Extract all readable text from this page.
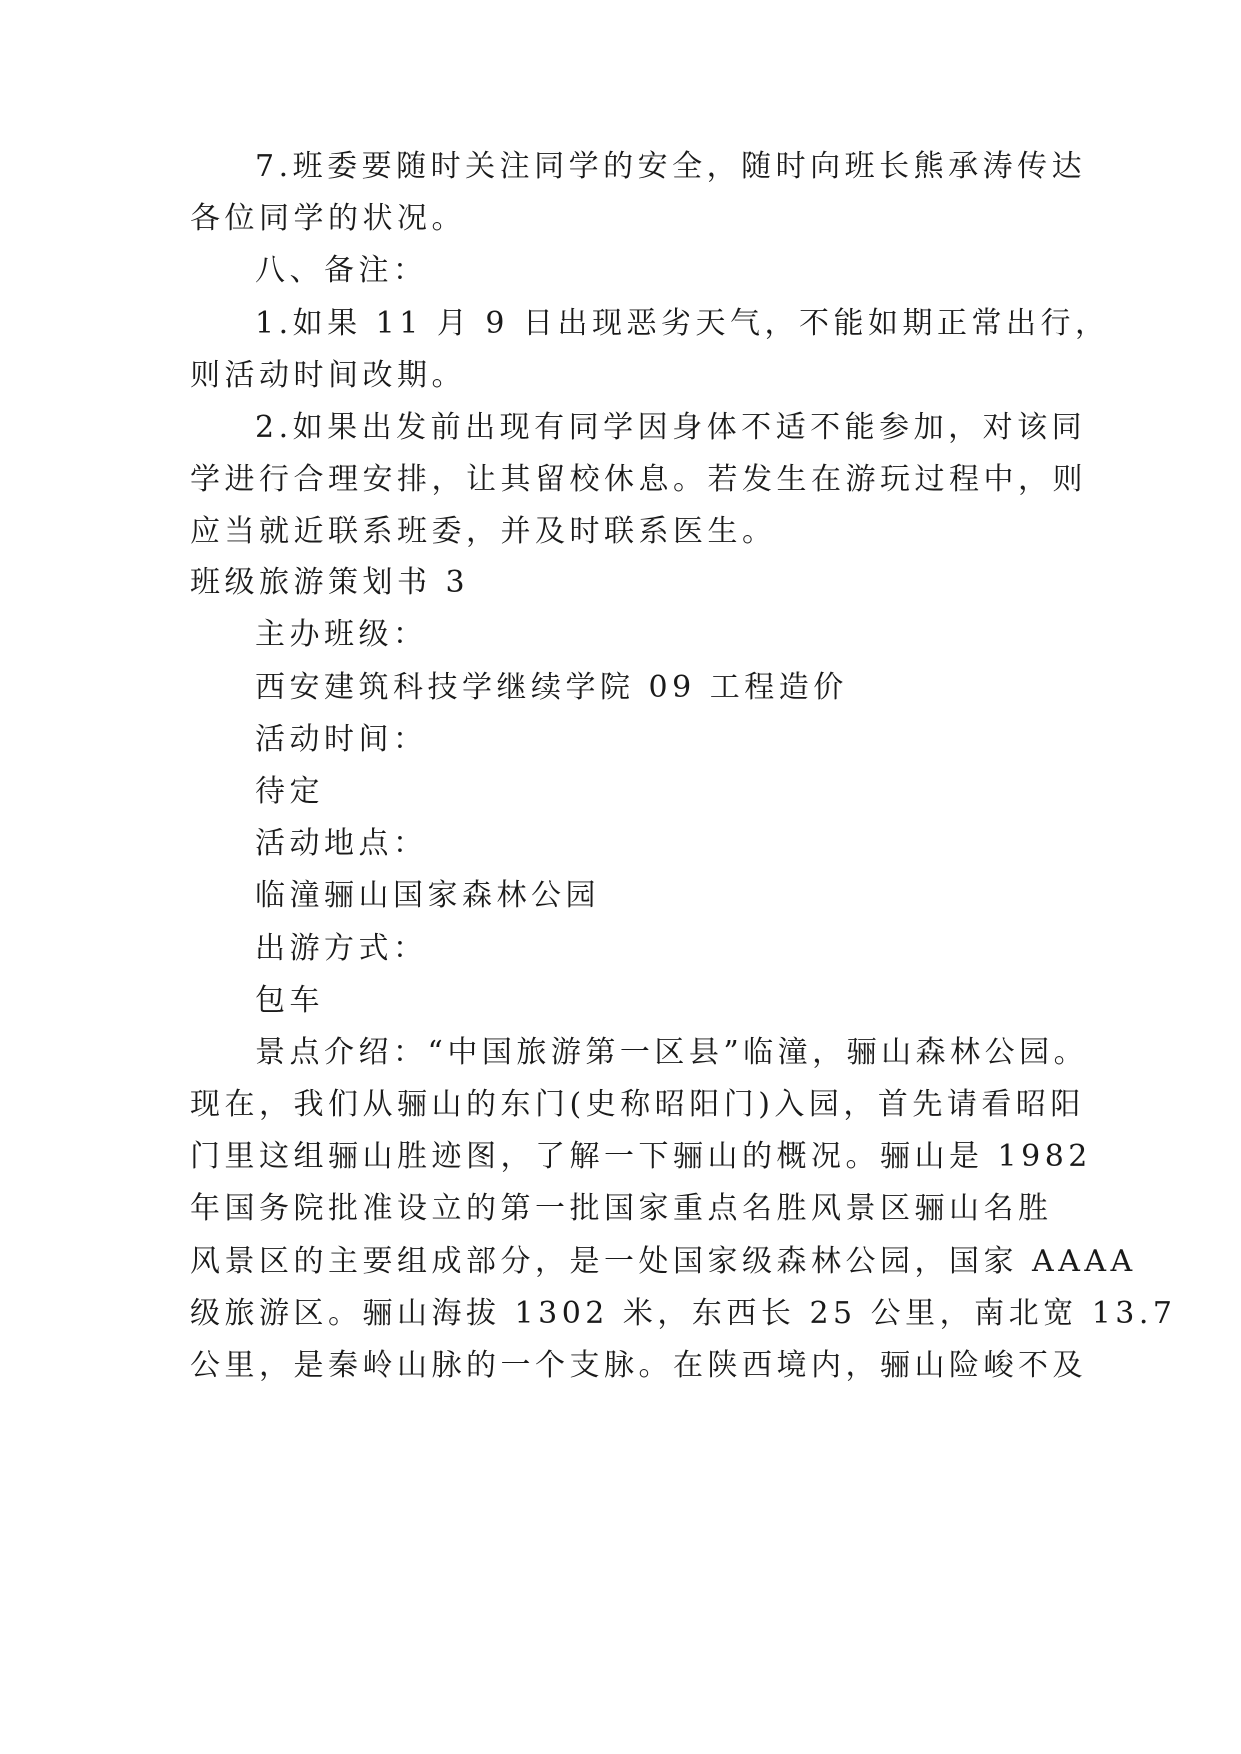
7.班委要随时关注同学的安全，随时向班长熊承涛传达
各位同学的状况。
八、备注：
1.如果 11 月 9 日出现恶劣天气，不能如期正常出行，
则活动时间改期。
2.如果出发前出现有同学因身体不适不能参加，对该同
学进行合理安排，让其留校休息。若发生在游玩过程中，则
应当就近联系班委，并及时联系医生。
班级旅游策划书 3
主办班级：
西安建筑科技学继续学院 09 工程造价
活动时间：
待定
活动地点：
临潼骊山国家森林公园
出游方式：
包车
景点介绍：“中国旅游第一区县”临潼，骊山森林公园。
现在，我们从骊山的东门(史称昭阳门)入园，首先请看昭阳
门里这组骊山胜迹图，了解一下骊山的概况。骊山是 1982
年国务院批准设立的第一批国家重点名胜风景区骊山名胜
风景区的主要组成部分，是一处国家级森林公园，国家 AAAA
级旅游区。骊山海拔 1302 米，东西长 25 公里，南北宽 13.7
公里，是秦岭山脉的一个支脉。在陕西境内，骊山险峻不及
